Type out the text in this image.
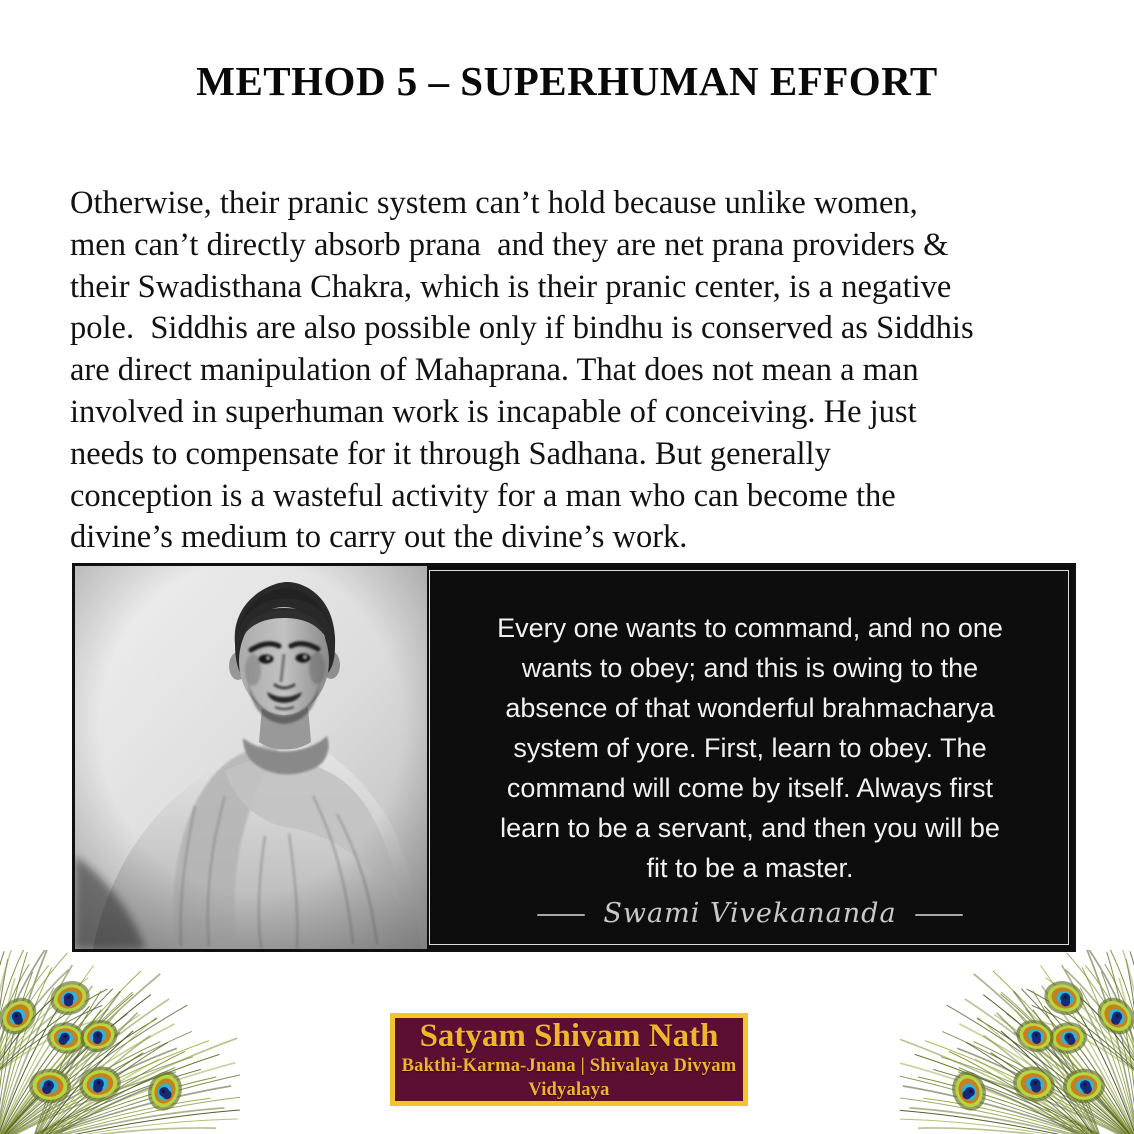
METHOD 5 – SUPERHUMAN EFFORT
Otherwise, their pranic system can’t hold because unlike women,
men can’t directly absorb prana  and they are net prana providers &
their Swadisthana Chakra, which is their pranic center, is a negative
pole.  Siddhis are also possible only if bindhu is conserved as Siddhis
are direct manipulation of Mahaprana. That does not mean a man
involved in superhuman work is incapable of conceiving. He just
needs to compensate for it through Sadhana. But generally
conception is a wasteful activity for a man who can become the
divine’s medium to carry out the divine’s work.
Every one wants to command, and no one
wants to obey; and this is owing to the
absence of that wonderful brahmacharya
system of yore. First, learn to obey. The
command will come by itself. Always first
learn to be a servant, and then you will be
fit to be a master.
Swami Vivekananda
Satyam Shivam Nath
Bakthi-Karma-Jnana | Shivalaya Divyam Vidyalaya
